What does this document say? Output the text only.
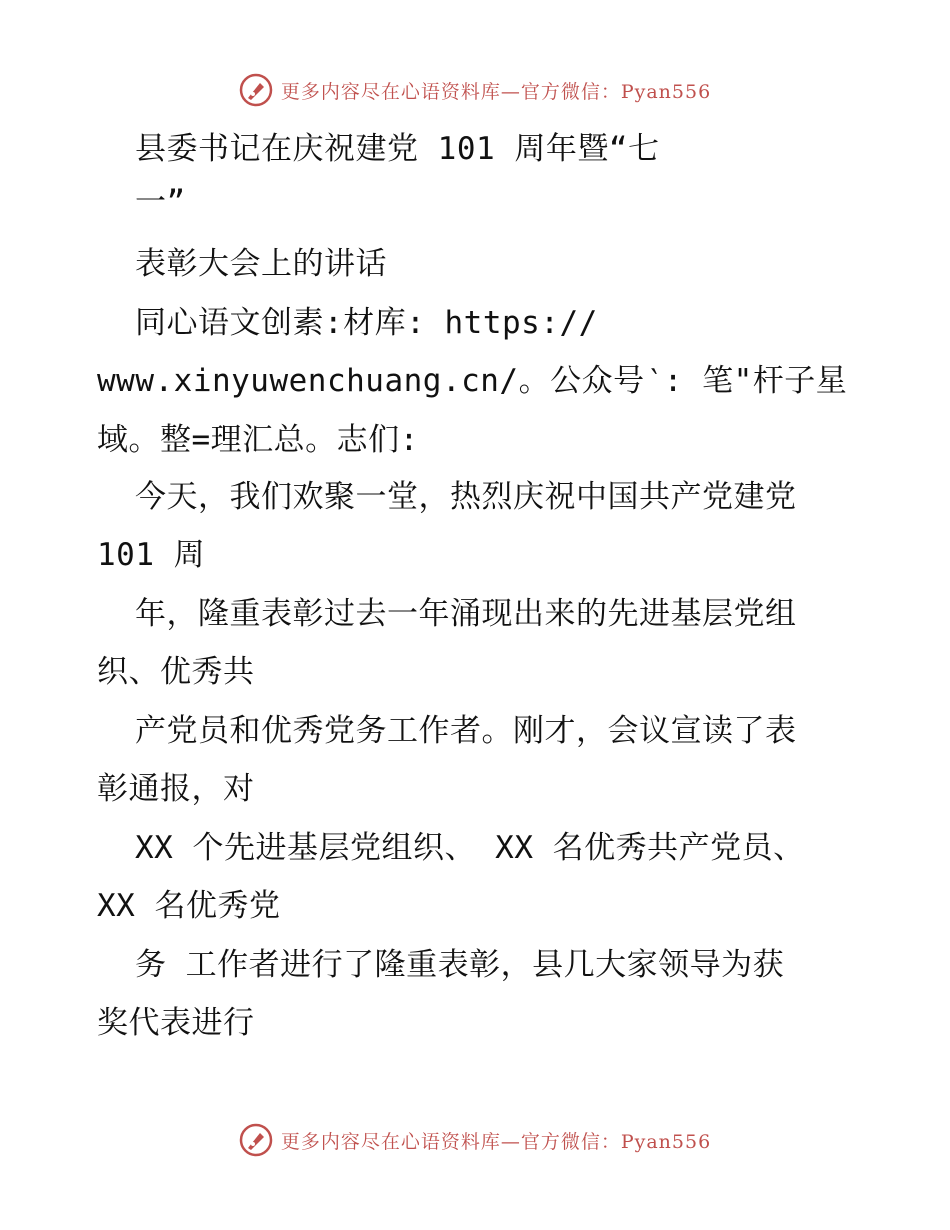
更多内容尽在心语资料库—官方微信：Pyan556
县委书记在庆祝建党 101 周年暨“七
一”
表彰大会上的讲话
同心语文创素:材库: https://
www.xinyuwenchuang.cn/。公众号‵: 笔"杆子星
域。整=理汇总。志们:
今天，我们欢聚一堂，热烈庆祝中国共产党建党
101 周
年，隆重表彰过去一年涌现出来的先进基层党组
织、优秀共
产党员和优秀党务工作者。刚才，会议宣读了表
彰通报，对
XX 个先进基层党组织、 XX 名优秀共产党员、
XX 名优秀党
务 工作者进行了隆重表彰，县几大家领导为获
奖代表进行
更多内容尽在心语资料库—官方微信：Pyan556
